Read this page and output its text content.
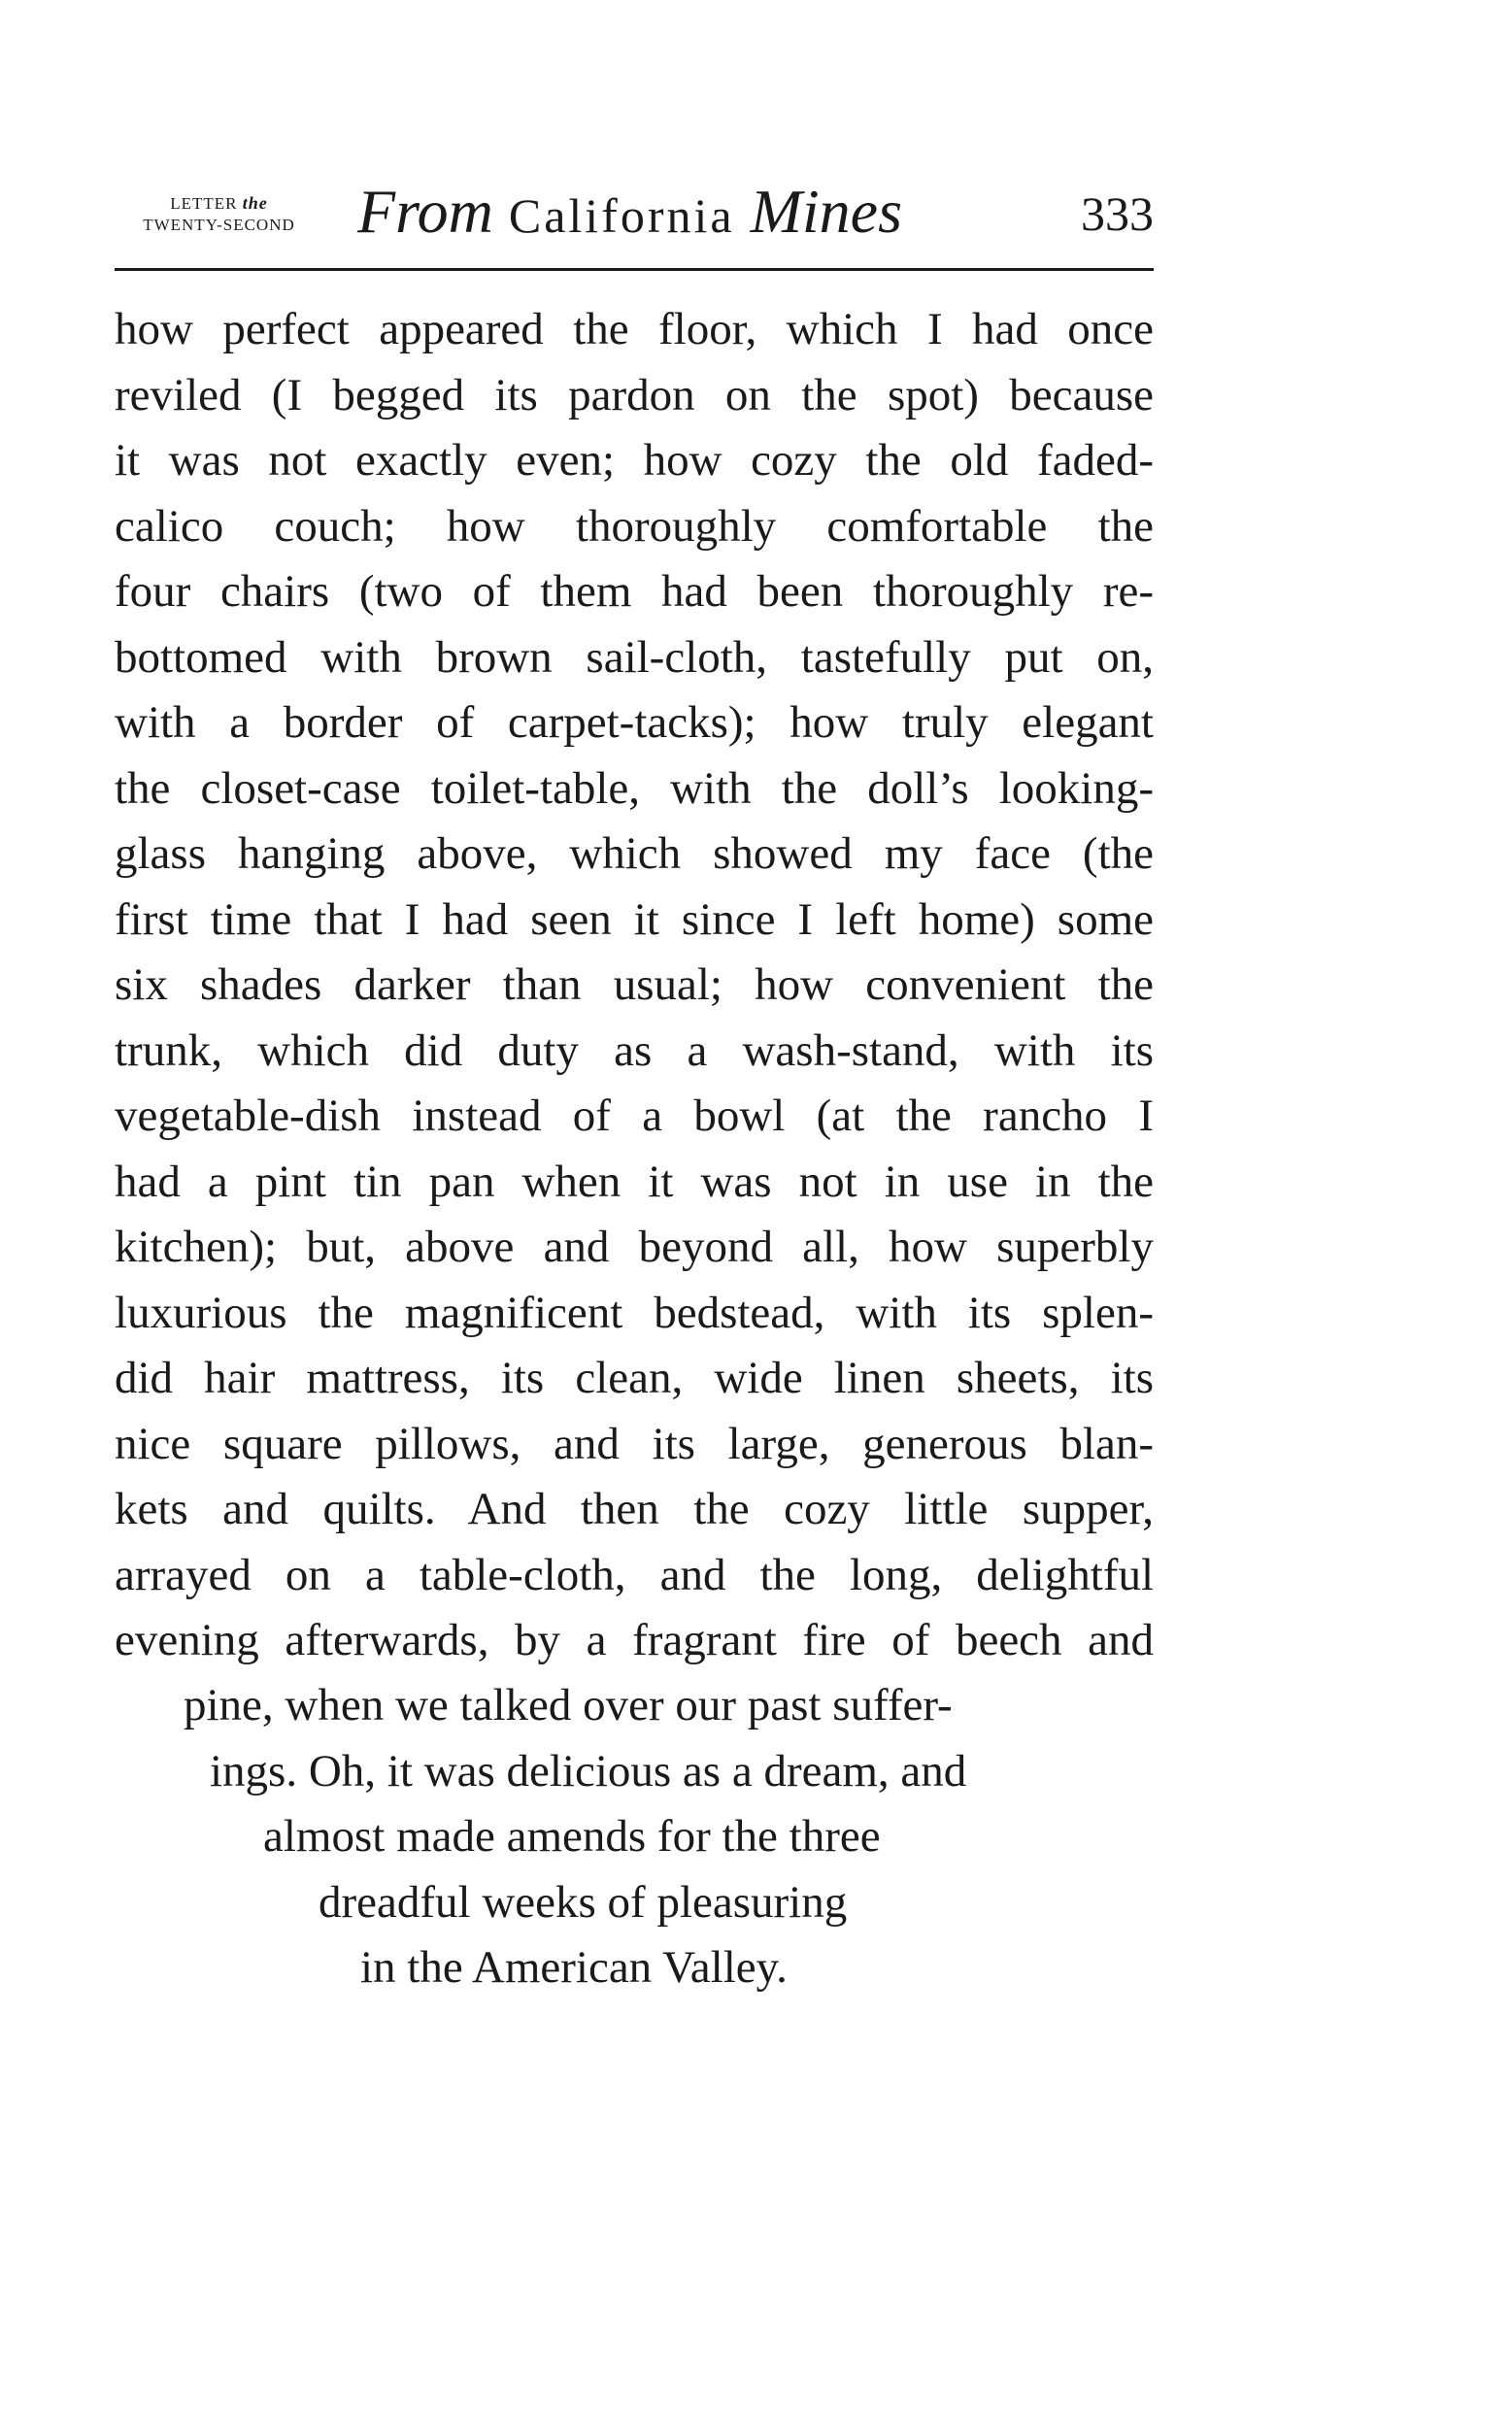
LETTER the
TWENTY-SECOND	From California Mines	333
how perfect appeared the floor, which I had once
reviled (I begged its pardon on the spot) because
it was not exactly even; how cozy the old faded-
calico couch; how thoroughly comfortable the
four chairs (two of them had been thoroughly re-
bottomed with brown sail-cloth, tastefully put on,
with a border of carpet-tacks); how truly elegant
the closet-case toilet-table, with the doll’s looking-
glass hanging above, which showed my face (the
first time that I had seen it since I left home) some
six shades darker than usual; how convenient the
trunk, which did duty as a wash-stand, with its
vegetable-dish instead of a bowl (at the rancho I
had a pint tin pan when it was not in use in the
kitchen); but, above and beyond all, how superbly
luxurious the magnificent bedstead, with its splen-
did hair mattress, its clean, wide linen sheets, its
nice square pillows, and its large, generous blan-
kets and quilts. And then the cozy little supper,
arrayed on a table-cloth, and the long, delightful
evening afterwards, by a fragrant fire of beech and
pine, when we talked over our past suffer-
ings. Oh, it was delicious as a dream, and
almost made amends for the three
dreadful weeks of pleasuring
in the American Valley.
